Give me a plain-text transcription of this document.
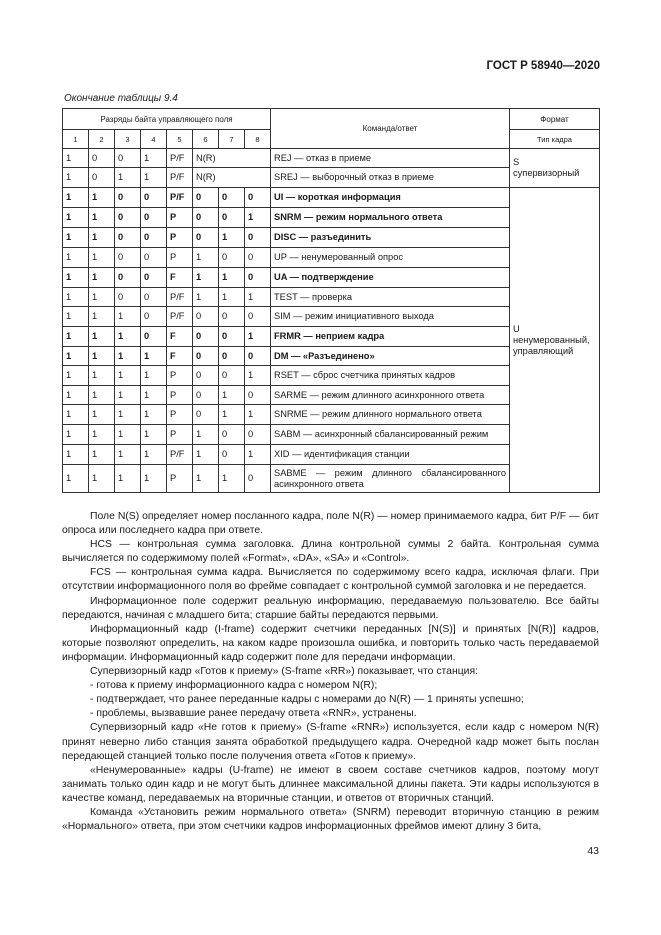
ГОСТ Р 58940—2020
Окончание таблицы 9.4
Разряды байта управляющего поля								Команда/ответ	Формат
1	2	3	4	5	6	7	8		Тип кадра
1	0	0	1	P/F	N(R)			REJ — отказ в приеме	S
супервизорный

1	0	1	1	P/F	N(R)			SREJ — выборочный отказ в приеме	
1	1	0	0	P/F	0	0	0	UI — короткая информация	U
ненумерованный,
управляющий

1	1	0	0	P	0	0	1	SNRM — режим нормального ответа	
1	1	0	0	P	0	1	0	DISC — разъединить	
1	1	0	0	P	1	0	0	UP — ненумерованный опрос	
1	1	0	0	F	1	1	0	UA — подтверждение	
1	1	0	0	P/F	1	1	1	TEST — проверка	
1	1	1	0	P/F	0	0	0	SIM — режим инициативного выхода	
1	1	1	0	F	0	0	1	FRMR — неприем кадра	
1	1	1	1	F	0	0	0	DM — «Разъединено»	
1	1	1	1	P	0	0	1	RSET — сброс счетчика принятых кадров	
1	1	1	1	P	0	1	0	SARME — режим длинного асинхронного ответа	
1	1	1	1	P	0	1	1	SNRME — режим длинного нормального ответа	
1	1	1	1	P	1	0	0	SABM — асинхронный сбалансированный режим	
1	1	1	1	P/F	1	0	1	XID — идентификация станции	
1	1	1	1	P	1	1	0	SABME — режим длинного сбалансированного асинхронного ответа	

Поле N(S) определяет номер посланного кадра, поле N(R) — номер принимаемого кадра, бит P/F — бит опроса или последнего кадра при ответе.

HCS — контрольная сумма заголовка. Длина контрольной суммы 2 байта. Контрольная сумма вычисляется по содержимому полей «Format», «DA», «SA» и «Control».

FCS — контрольная сумма кадра. Вычисляется по содержимому всего кадра, исключая флаги. При отсутствии информационного поля во фрейме совпадает с контрольной суммой заголовка и не передается.

Информационное поле содержит реальную информацию, передаваемую пользователю. Все байты передаются, начиная с младшего бита; старшие байты передаются первыми.

Информационный кадр (I-frame) содержит счетчики переданных [N(S)] и принятых [N(R)] кадров, которые позволяют определить, на каком кадре произошла ошибка, и повторить только часть передаваемой информации. Информационный кадр содержит поле для передачи информации.

Супервизорный кадр «Готов к приему» (S-frame «RR») показывает, что станция:

- готова к приему информационного кадра с номером N(R);

- подтверждает, что ранее переданные кадры с номерами до N(R) — 1 приняты успешно;

- проблемы, вызвавшие ранее передачу ответа «RNR», устранены.

Супервизорный кадр «Не готов к приему» (S-frame «RNR») используется, если кадр с номером N(R) принят неверно либо станция занята обработкой предыдущего кадра. Очередной кадр может быть послан передающей станцией только после получения ответа «Готов к приему».

«Ненумерованные» кадры (U-frame) не имеют в своем составе счетчиков кадров, поэтому могут занимать только один кадр и не могут быть длиннее максимальной длины пакета. Эти кадры используются в качестве команд, передаваемых на вторичные станции, и ответов от вторичных станций.

Команда «Установить режим нормального ответа» (SNRM) переводит вторичную станцию в режим «Нормального» ответа, при этом счетчики кадров информационных фреймов имеют длину 3 бита,

43
